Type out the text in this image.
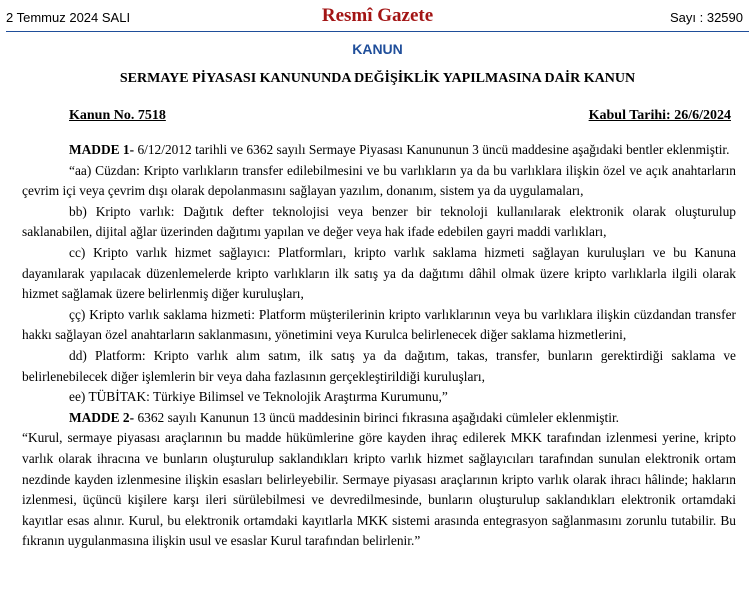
2 Temmuz 2024 SALI	Resmî Gazete	Sayı : 32590
KANUN
SERMAYE PİYASASI KANUNUNDA DEĞİŞİKLİK YAPILMASINA DAİR KANUN
Kanun No. 7518	Kabul Tarihi: 26/6/2024

MADDE 1- 6/12/2012 tarihli ve 6362 sayılı Sermaye Piyasası Kanununun 3 üncü maddesine aşağıdaki bentler eklenmiştir.

“aa) Cüzdan: Kripto varlıkların transfer edilebilmesini ve bu varlıkların ya da bu varlıklara ilişkin özel ve açık anahtarların çevrim içi veya çevrim dışı olarak depolanmasını sağlayan yazılım, donanım, sistem ya da uygulamaları,

bb) Kripto varlık: Dağıtık defter teknolojisi veya benzer bir teknoloji kullanılarak elektronik olarak oluşturulup saklanabilen, dijital ağlar üzerinden dağıtımı yapılan ve değer veya hak ifade edebilen gayri maddi varlıkları,

cc) Kripto varlık hizmet sağlayıcı: Platformları, kripto varlık saklama hizmeti sağlayan kuruluşları ve bu Kanuna dayanılarak yapılacak düzenlemelerde kripto varlıkların ilk satış ya da dağıtımı dâhil olmak üzere kripto varlıklarla ilgili olarak hizmet sağlamak üzere belirlenmiş diğer kuruluşları,

çç) Kripto varlık saklama hizmeti: Platform müşterilerinin kripto varlıklarının veya bu varlıklara ilişkin cüzdandan transfer hakkı sağlayan özel anahtarların saklanmasını, yönetimini veya Kurulca belirlenecek diğer saklama hizmetlerini,

dd) Platform: Kripto varlık alım satım, ilk satış ya da dağıtım, takas, transfer, bunların gerektirdiği saklama ve belirlenebilecek diğer işlemlerin bir veya daha fazlasının gerçekleştirildiği kuruluşları,

ee) TÜBİTAK: Türkiye Bilimsel ve Teknolojik Araştırma Kurumunu,”

MADDE 2- 6362 sayılı Kanunun 13 üncü maddesinin birinci fıkrasına aşağıdaki cümleler eklenmiştir.

“Kurul, sermaye piyasası araçlarının bu madde hükümlerine göre kayden ihraç edilerek MKK tarafından izlenmesi yerine, kripto varlık olarak ihracına ve bunların oluşturulup saklandıkları kripto varlık hizmet sağlayıcıları tarafından sunulan elektronik ortam nezdinde kayden izlenmesine ilişkin esasları belirleyebilir. Sermaye piyasası araçlarının kripto varlık olarak ihracı hâlinde; hakların izlenmesi, üçüncü kişilere karşı ileri sürülebilmesi ve devredilmesinde, bunların oluşturulup saklandıkları elektronik ortamdaki kayıtlar esas alınır. Kurul, bu elektronik ortamdaki kayıtlarla MKK sistemi arasında entegrasyon sağlanmasını zorunlu tutabilir. Bu fıkranın uygulanmasına ilişkin usul ve esaslar Kurul tarafından belirlenir.”
